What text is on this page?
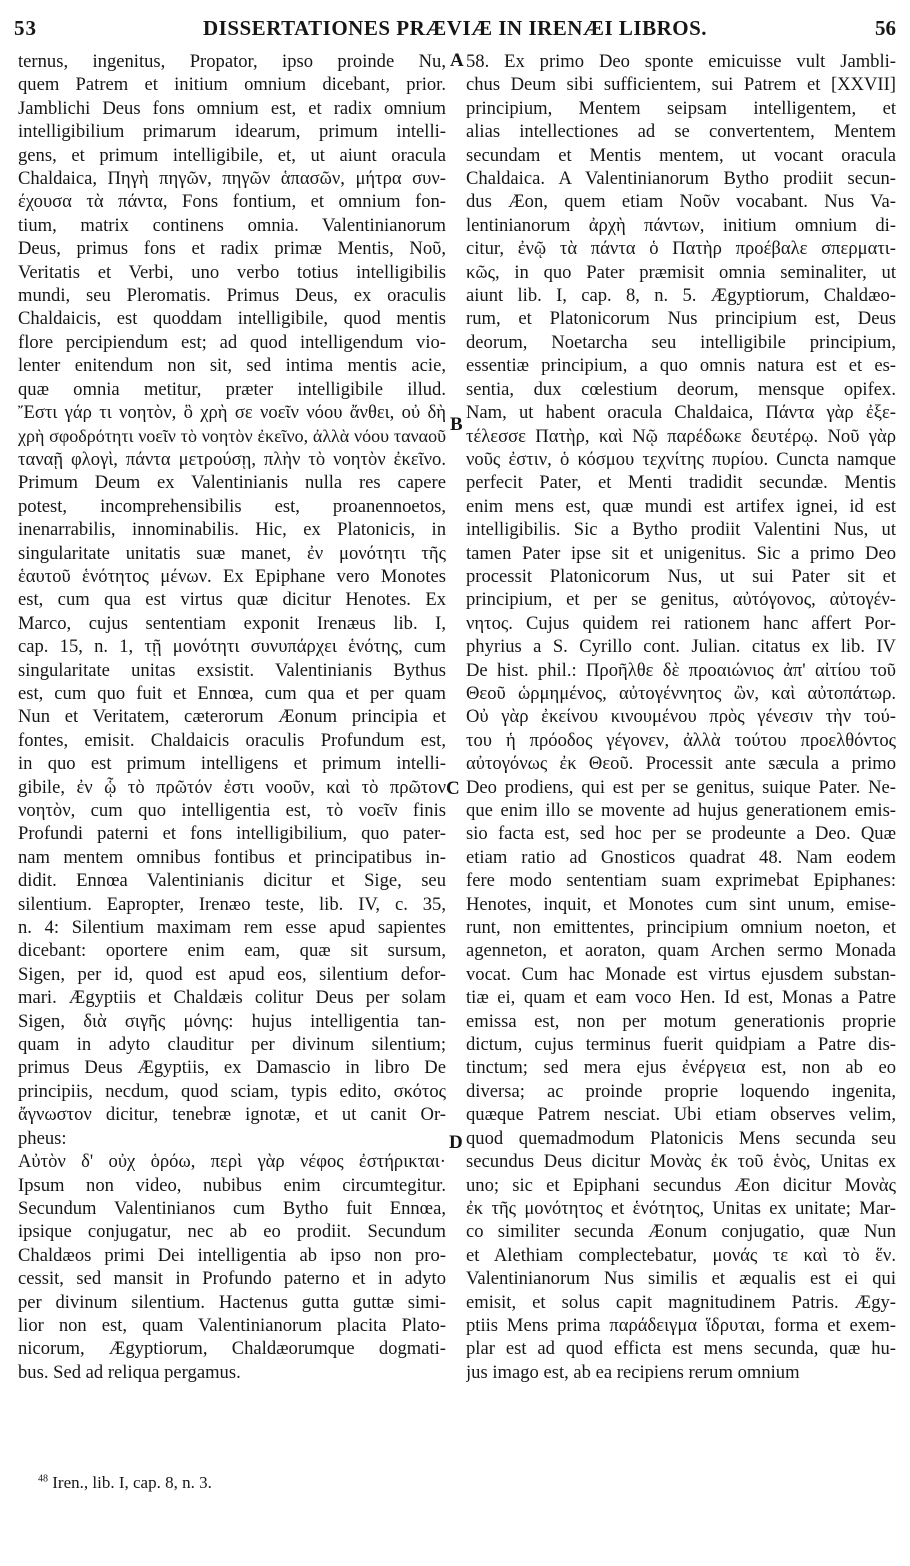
53	DISSERTATIONES PRÆVIÆ IN IRENÆI LIBROS.	56
ternus, ingenitus, Propator, ipso proinde Nu,
quem Patrem et initium omnium dicebant, prior.
Jamblichi Deus fons omnium est, et radix omnium
intelligibilium primarum idearum, primum intelli-
gens, et primum intelligibile, et, ut aiunt oracula
Chaldaica, Πηγὴ πηγῶν, πηγῶν ἁπασῶν, μήτρα συν-
έχουσα τὰ πάντα, Fons fontium, et omnium fon-
tium, matrix continens omnia. Valentinianorum
Deus, primus fons et radix primæ Mentis, Νοῦ,
Veritatis et Verbi, uno verbo totius intelligibilis
mundi, seu Pleromatis. Primus Deus, ex oraculis
Chaldaicis, est quoddam intelligibile, quod mentis
flore percipiendum est; ad quod intelligendum vio-
lenter enitendum non sit, sed intima mentis acie,
quæ omnia metitur, præter intelligibile illud.
Ἔστι γάρ τι νοητὸν, ὃ χρὴ σε νοεῖν νόου ἄνθει, οὐ δὴ
χρὴ σφοδρότητι νοεῖν τὸ νοητὸν ἐκεῖνο, ἀλλὰ νόου ταναοῦ
ταναῇ φλογὶ, πάντα μετρούσῃ, πλὴν τὸ νοητὸν ἐκεῖνο.
Primum Deum ex Valentinianis nulla res capere
potest, incomprehensibilis est, proanennoetos,
inenarrabilis, innominabilis. Hic, ex Platonicis, in
singularitate unitatis suæ manet, ἐν μονότητι τῆς
ἑαυτοῦ ἑνότητος μένων. Ex Epiphane vero Monotes
est, cum qua est virtus quæ dicitur Henotes. Ex
Marco, cujus sententiam exponit Irenæus lib. I,
cap. 15, n. 1, τῇ μονότητι συνυπάρχει ἑνότης, cum
singularitate unitas exsistit. Valentinianis Bythus
est, cum quo fuit et Ennœa, cum qua et per quam
Nun et Veritatem, cæterorum Æonum principia et
fontes, emisit. Chaldaicis oraculis Profundum est,
in quo est primum intelligens et primum intelli-
gibile, ἐν ᾧ τὸ πρῶτόν ἐστι νοοῦν, καὶ τὸ πρῶτον
νοητὸν, cum quo intelligentia est, τὸ νοεῖν finis
Profundi paterni et fons intelligibilium, quo pater-
nam mentem omnibus fontibus et principatibus in-
didit. Ennœa Valentinianis dicitur et Sige, seu
silentium. Eapropter, Irenæo teste, lib. IV, c. 35,
n. 4: Silentium maximam rem esse apud sapientes
dicebant: oportere enim eam, quæ sit sursum,
Sigen, per id, quod est apud eos, silentium defor-
mari. Ægyptiis et Chaldæis colitur Deus per solam
Sigen, διὰ σιγῆς μόνης: hujus intelligentia tan-
quam in adyto clauditur per divinum silentium;
primus Deus Ægyptiis, ex Damascio in libro De
principiis, necdum, quod sciam, typis edito, σκότος
ἄγνωστον dicitur, tenebræ ignotæ, et ut canit Or-
pheus:
Αὐτὸν δ' οὐχ ὁρόω, περὶ γὰρ νέφος ἐστήρικται·
Ipsum non video, nubibus enim circumtegitur.
Secundum Valentinianos cum Bytho fuit Ennœa,
ipsique conjugatur, nec ab eo prodiit. Secundum
Chaldæos primi Dei intelligentia ab ipso non pro-
cessit, sed mansit in Profundo paterno et in adyto
per divinum silentium. Hactenus gutta guttæ simi-
lior non est, quam Valentinianorum placita Plato-
nicorum, Ægyptiorum, Chaldæorumque dogmati-
bus. Sed ad reliqua pergamus.
58. Ex primo Deo sponte emicuisse vult Jambli-
chus Deum sibi sufficientem, sui Patrem et [XXVII]
principium, Mentem seipsam intelligentem, et
alias intellectiones ad se convertentem, Mentem
secundam et Mentis mentem, ut vocant oracula
Chaldaica. A Valentinianorum Bytho prodiit secun-
dus Æon, quem etiam Νοῦν vocabant. Nus Va-
lentinianorum ἀρχὴ πάντων, initium omnium di-
citur, ἐνῷ τὰ πάντα ὁ Πατὴρ προέβαλε σπερματι-
κῶς, in quo Pater præmisit omnia seminaliter, ut
aiunt lib. I, cap. 8, n. 5. Ægyptiorum, Chaldæo-
rum, et Platonicorum Nus principium est, Deus
deorum, Noetarcha seu intelligibile principium,
essentiæ principium, a quo omnis natura est et es-
sentia, dux cœlestium deorum, mensque opifex.
Nam, ut habent oracula Chaldaica, Πάντα γὰρ ἐξε-
τέλεσσε Πατὴρ, καὶ Νῷ παρέδωκε δευτέρῳ. Νοῦ γὰρ
νοῦς ἐστιν, ὁ κόσμου τεχνίτης πυρίου. Cuncta namque
perfecit Pater, et Menti tradidit secundæ. Mentis
enim mens est, quæ mundi est artifex ignei, id est
intelligibilis. Sic a Bytho prodiit Valentini Nus, ut
tamen Pater ipse sit et unigenitus. Sic a primo Deo
processit Platonicorum Nus, ut sui Pater sit et
principium, et per se genitus, αὐτόγονος, αὐτογέν-
νητος. Cujus quidem rei rationem hanc affert Por-
phyrius a S. Cyrillo cont. Julian. citatus ex lib. IV
De hist. phil.: Προῆλθε δὲ προαιώνιος ἀπ' αἰτίου τοῦ
Θεοῦ ὡρμημένος, αὐτογέννητος ὢν, καὶ αὐτοπάτωρ.
Οὐ γὰρ ἐκείνου κινουμένου πρὸς γένεσιν τὴν τού-
του ἡ πρόοδος γέγονεν, ἀλλὰ τούτου προελθόντος
αὐτογόνως ἐκ Θεοῦ. Processit ante sæcula a primo
Deo prodiens, qui est per se genitus, suique Pater. Ne-
que enim illo se movente ad hujus generationem emis-
sio facta est, sed hoc per se prodeunte a Deo. Quæ
etiam ratio ad Gnosticos quadrat 48. Nam eodem
fere modo sententiam suam exprimebat Epiphanes:
Henotes, inquit, et Monotes cum sint unum, emise-
runt, non emittentes, principium omnium noeton, et
agenneton, et aoraton, quam Archen sermo Monada
vocat. Cum hac Monade est virtus ejusdem substan-
tiæ ei, quam et eam voco Hen. Id est, Monas a Patre
emissa est, non per motum generationis proprie
dictum, cujus terminus fuerit quidpiam a Patre dis-
tinctum; sed mera ejus ἐνέργεια est, non ab eo
diversa; ac proinde proprie loquendo ingenita,
quæque Patrem nesciat. Ubi etiam observes velim,
quod quemadmodum Platonicis Mens secunda seu
secundus Deus dicitur Μονὰς ἐκ τοῦ ἑνὸς, Unitas ex
uno; sic et Epiphani secundus Æon dicitur Μονὰς
ἐκ τῆς μονότητος et ἑνότητος, Unitas ex unitate; Mar-
co similiter secunda Æonum conjugatio, quæ Nun
et Alethiam complectebatur, μονάς τε καὶ τὸ ἕν.
Valentinianorum Nus similis et æqualis est ei qui
emisit, et solus capit magnitudinem Patris. Ægy-
ptiis Mens prima παράδειγμα ἵδρυται, forma et exem-
plar est ad quod efficta est mens secunda, quæ hu-
jus imago est, ab ea recipiens rerum omnium
A
B
C
D
$^{48}$ Iren., lib. I, cap. 8, n. 3.
